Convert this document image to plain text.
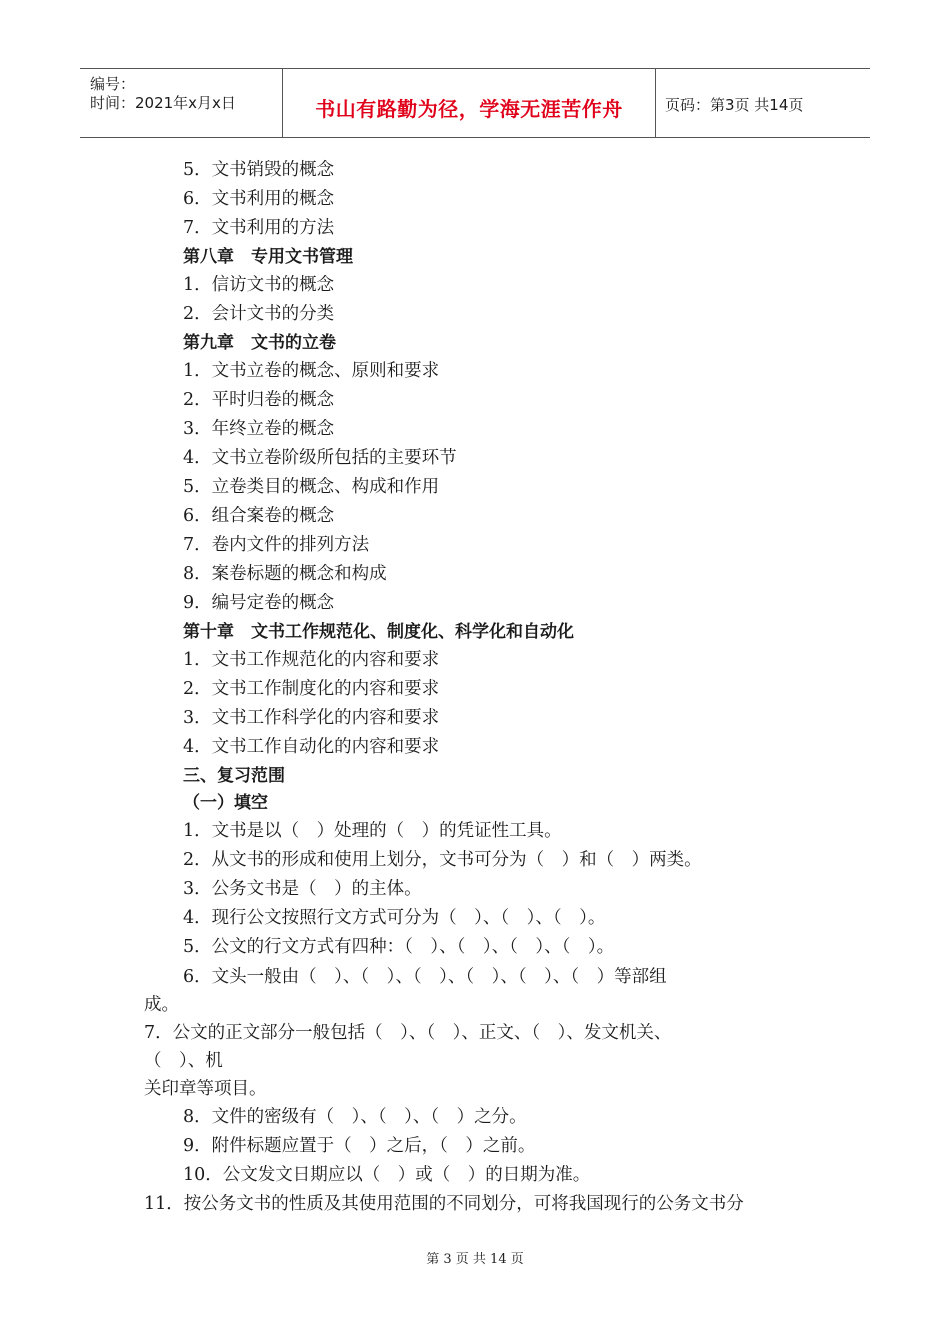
编号：
时间：2021年x月x日	书山有路勤为径，学海无涯苦作舟	页码：第3页 共14页
5．文书销毁的概念
6．文书利用的概念
7．文书利用的方法
第八章　专用文书管理
1．信访文书的概念
2．会计文书的分类
第九章　文书的立卷
1．文书立卷的概念、原则和要求
2．平时归卷的概念
3．年终立卷的概念
4．文书立卷阶级所包括的主要环节
5．立卷类目的概念、构成和作用
6．组合案卷的概念
7．卷内文件的排列方法
8．案卷标题的概念和构成
9．编号定卷的概念
第十章　文书工作规范化、制度化、科学化和自动化
1．文书工作规范化的内容和要求
2．文书工作制度化的内容和要求
3．文书工作科学化的内容和要求
4．文书工作自动化的内容和要求
三、复习范围
（一）填空
1．文书是以（　）处理的（　）的凭证性工具。
2．从文书的形成和使用上划分，文书可分为（　）和（　）两类。
3．公务文书是（　）的主体。
4．现行公文按照行文方式可分为（　）、（　）、（　）。
5．公文的行文方式有四种：（　）、（　）、（　）、（　）。
6．文头一般由（　）、（　）、（　）、（　）、（　）、（　）等部组
成。
7．公文的正文部分一般包括（　）、（　）、正文、（　）、发文机关、
（　）、机
关印章等项目。
8．文件的密级有（　）、（　）、（　）之分。
9．附件标题应置于（　）之后，（　）之前。
10．公文发文日期应以（　）或（　）的日期为准。
11．按公务文书的性质及其使用范围的不同划分，可将我国现行的公务文书分
第 3 页 共 14 页
